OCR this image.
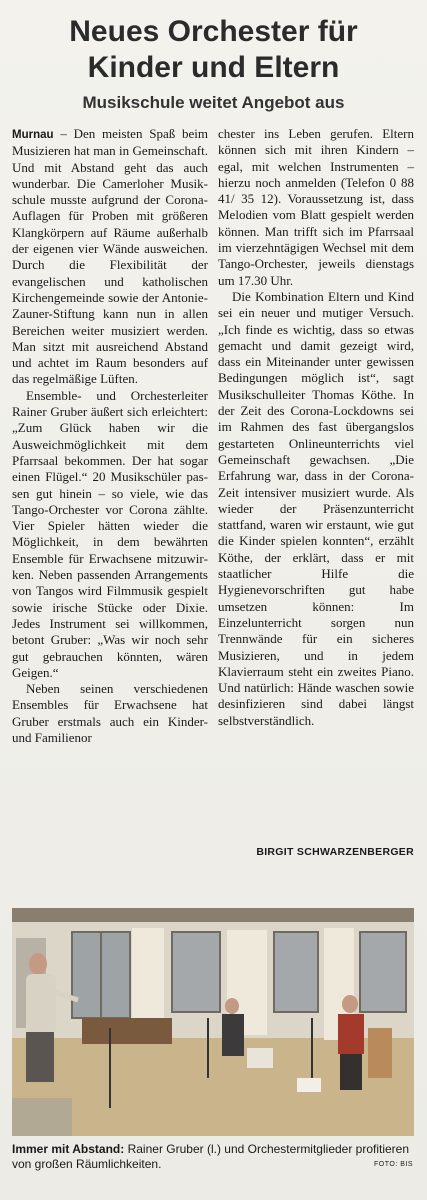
Neues Orchester für
Kinder und Eltern
Musikschule weitet Angebot aus

Murnau – Den meisten Spaß beim Musizieren hat man in Gemeinschaft. Und mit Abstand geht das auch wunderbar. Die Camerloher Musikschule musste aufgrund der Corona-Auflagen für Proben mit größeren Klangkörpern auf Räume außerhalb der eigenen vier Wände ausweichen. Durch die Flexibilität der evangelischen und katholischen Kirchengemeinde sowie der Antonie-Zauner-Stiftung kann nun in allen Bereichen weiter musiziert werden. Man sitzt mit ausreichend Abstand und achtet im Raum besonders auf das regelmäßige Lüften.

Ensemble- und Orchesterleiter Rainer Gruber äußert sich erleichtert: „Zum Glück haben wir die Ausweichmöglichkeit mit dem Pfarrsaal bekommen. Der hat sogar einen Flügel.“ 20 Musikschüler passen gut hinein – so viele, wie das Tango-Orchester vor Corona zählte. Vier Spieler hätten wieder die Möglichkeit, in dem bewährten Ensemble für Erwachsene mitzuwirken. Neben passenden Arrangements von Tangos wird Filmmusik gespielt sowie irische Stücke oder Dixie. Jedes Instrument sei willkommen, betont Gruber: „Was wir noch sehr gut gebrauchen könnten, wären Geigen.“

Neben seinen verschiedenen Ensembles für Erwachsene hat Gruber erstmals auch ein Kinder- und Familienor

chester ins Leben gerufen. Eltern können sich mit ihren Kindern – egal, mit welchen Instrumenten – hierzu noch anmelden (Telefon 0 88 41/ 35 12). Voraussetzung ist, dass Melodien vom Blatt gespielt werden können. Man trifft sich im Pfarrsaal im vierzehntägigen Wechsel mit dem Tango-Orchester, jeweils dienstags um 17.30 Uhr.

Die Kombination Eltern und Kind sei ein neuer und mutiger Versuch. „Ich finde es wichtig, dass so etwas gemacht und damit gezeigt wird, dass ein Miteinander unter gewissen Bedingungen möglich ist“, sagt Musikschulleiter Thomas Köthe. In der Zeit des Corona-Lockdowns sei im Rahmen des fast übergangslos gestarteten Onlineunterrichts viel Gemeinschaft gewachsen. „Die Erfahrung war, dass in der Corona-Zeit intensiver musiziert wurde. Als wieder der Präsenzunterricht stattfand, waren wir erstaunt, wie gut die Kinder spielen konnten“, erzählt Köthe, der erklärt, dass er mit staatlicher Hilfe die Hygienevorschriften gut habe umsetzen können: Im Einzelunterricht sorgen nun Trennwände für ein sicheres Musizieren, und in jedem Klavierraum steht ein zweites Piano. Und natürlich: Hände waschen sowie desinfizieren sind dabei längst selbstverständlich.

BIRGIT SCHWARZENBERGER
Immer mit Abstand: Rainer Gruber (l.) und Orchestermitglieder profitieren von großen Räumlichkeiten.	FOTO: BIS
